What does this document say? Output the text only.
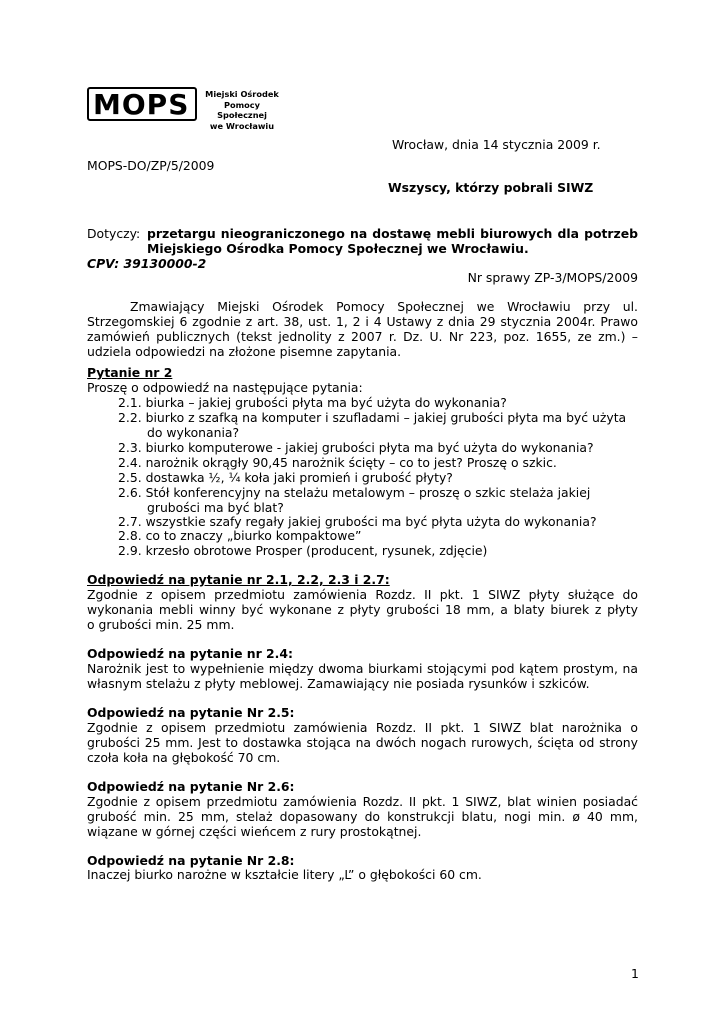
MOPS	Miejski Ośrodek
Pomocy Społecznej
we Wrocławiu
Wrocław, dnia 14 stycznia 2009 r.
MOPS-DO/ZP/5/2009
Wszyscy, którzy pobrali SIWZ
Dotyczy: przetargu nieograniczonego na dostawę mebli biurowych dla potrzeb
Miejskiego Ośrodka Pomocy Społecznej we Wrocławiu.
CPV: 39130000-2
Nr sprawy ZP-3/MOPS/2009
Zmawiający Miejski Ośrodek Pomocy Społecznej we Wrocławiu przy ul.
Strzegomskiej 6 zgodnie z art. 38, ust. 1, 2 i 4 Ustawy z dnia 29 stycznia 2004r. Prawo
zamówień publicznych (tekst jednolity z 2007 r. Dz. U. Nr 223, poz. 1655, ze zm.) –
udziela odpowiedzi na złożone pisemne zapytania.
Pytanie nr 2
Proszę o odpowiedź na następujące pytania:
2.1. biurka – jakiej grubości płyta ma być użyta do wykonania?
2.2. biurko z szafką na komputer i szufladami – jakiej grubości płyta ma być użyta
do wykonania?
2.3. biurko komputerowe - jakiej grubości płyta ma być użyta do wykonania?
2.4. narożnik okrągły 90,45 narożnik ścięty – co to jest? Proszę o szkic.
2.5. dostawka ½, ¼ koła jaki promień i grubość płyty?
2.6. Stół konferencyjny na stelażu metalowym – proszę o szkic stelaża jakiej
grubości ma być blat?
2.7. wszystkie szafy regały jakiej grubości ma być płyta użyta do wykonania?
2.8. co to znaczy „biurko kompaktowe”
2.9. krzesło obrotowe Prosper (producent, rysunek, zdjęcie)
Odpowiedź na pytanie nr 2.1, 2.2, 2.3 i 2.7:
Zgodnie z opisem przedmiotu zamówienia Rozdz. II pkt. 1 SIWZ płyty służące do
wykonania mebli winny być wykonane z płyty grubości 18 mm, a blaty biurek z płyty
o grubości min. 25 mm.
Odpowiedź na pytanie nr 2.4:
Narożnik jest to wypełnienie między dwoma biurkami stojącymi pod kątem prostym, na
własnym stelażu z płyty meblowej. Zamawiający nie posiada rysunków i szkiców.
Odpowiedź na pytanie Nr 2.5:
Zgodnie z opisem przedmiotu zamówienia Rozdz. II pkt. 1 SIWZ blat narożnika o
grubości 25 mm. Jest to dostawka stojąca na dwóch nogach rurowych, ścięta od strony
czoła koła na głębokość 70 cm.
Odpowiedź na pytanie Nr 2.6:
Zgodnie z opisem przedmiotu zamówienia Rozdz. II pkt. 1 SIWZ, blat winien posiadać
grubość min. 25 mm, stelaż dopasowany do konstrukcji blatu, nogi min. ø 40 mm,
wiązane w górnej części wieńcem z rury prostokątnej.
Odpowiedź na pytanie Nr 2.8:
Inaczej biurko narożne w kształcie litery „L” o głębokości 60 cm.
1
